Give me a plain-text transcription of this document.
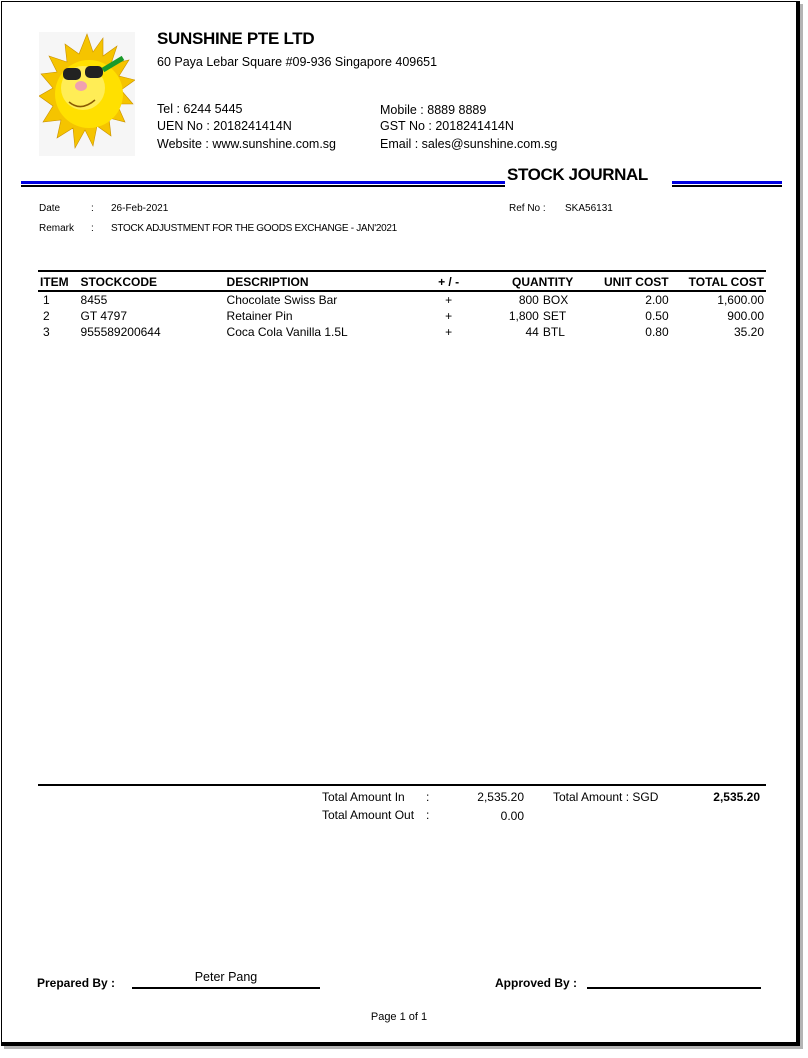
SUNSHINE PTE LTD
60 Paya Lebar Square #09-936 Singapore 409651
Tel : 6244 5445
UEN No : 2018241414N
Website : www.sunshine.com.sg
Mobile : 8889 8889
GST No : 2018241414N
Email : sales@sunshine.com.sg
STOCK JOURNAL
Date	: 26-Feb-2021
Remark : STOCK ADJUSTMENT FOR THE GOODS EXCHANGE - JAN'2021
Ref No : SKA56131
ITEM	STOCKCODE	DESCRIPTION	+ / -	QUANTITY		UNIT COST	TOTAL COST
1	8455	Chocolate Swiss Bar	+	800	BOX	2.00	1,600.00
2	GT 4797	Retainer Pin	+	1,800	SET	0.50	900.00
3	955589200644	Coca Cola Vanilla 1.5L	+	44	BTL	0.80	35.20
Total Amount In :	2,535.20
Total Amount Out :	0.00
Total Amount : SGD	2,535.20
Prepared By :	Peter Pang	Approved By :
Page 1 of 1
